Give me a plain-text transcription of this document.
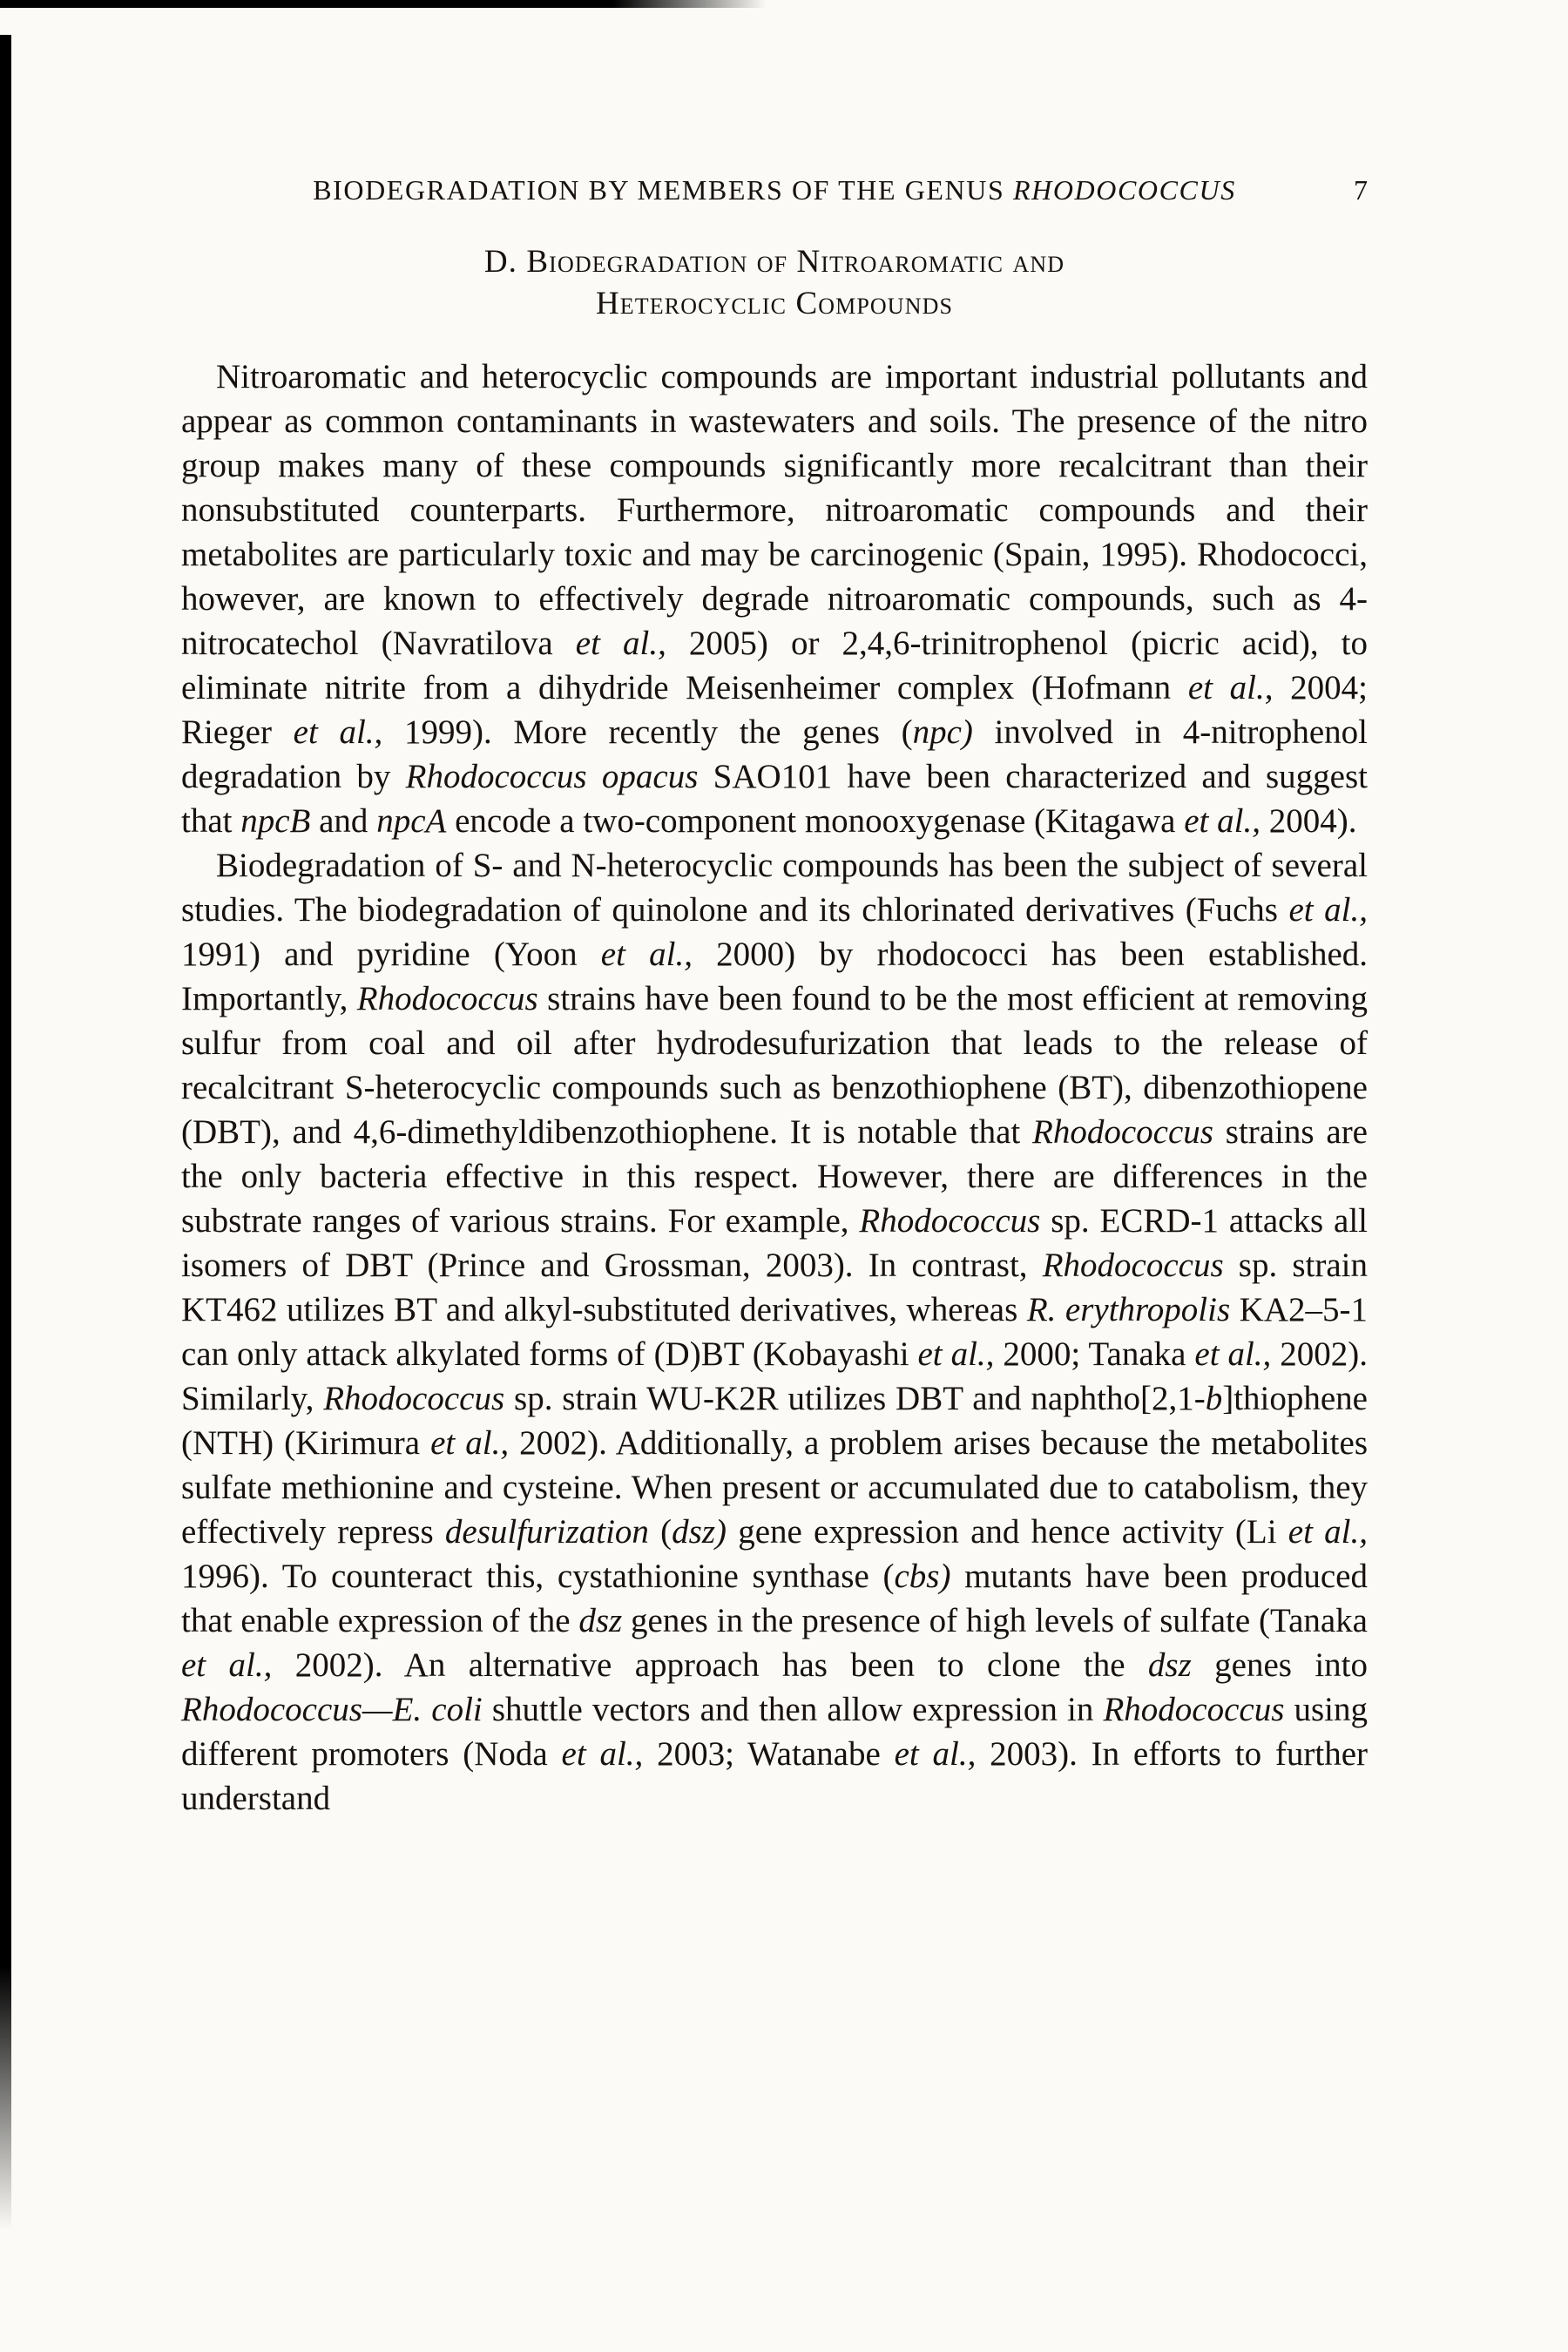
BIODEGRADATION BY MEMBERS OF THE GENUS RHODOCOCCUS	7
D. Biodegradation of Nitroaromatic and
Heterocyclic Compounds

Nitroaromatic and heterocyclic compounds are important industrial pollutants and appear as common contaminants in wastewaters and soils. The presence of the nitro group makes many of these compounds significantly more recalcitrant than their nonsubstituted counterparts. Furthermore, nitroaromatic compounds and their metabolites are particularly toxic and may be carcinogenic (Spain, 1995). Rhodococci, however, are known to effectively degrade nitroaromatic compounds, such as 4-nitrocatechol (Navratilova et al., 2005) or 2,4,6-trinitrophenol (picric acid), to eliminate nitrite from a dihydride Meisenheimer complex (Hofmann et al., 2004; Rieger et al., 1999). More recently the genes (npc) involved in 4-nitrophenol degradation by Rhodococcus opacus SAO101 have been characterized and suggest that npcB and npcA encode a two-component monooxygenase (Kitagawa et al., 2004).

Biodegradation of S- and N-heterocyclic compounds has been the subject of several studies. The biodegradation of quinolone and its chlorinated derivatives (Fuchs et al., 1991) and pyridine (Yoon et al., 2000) by rhodococci has been established. Importantly, Rhodococcus strains have been found to be the most efficient at removing sulfur from coal and oil after hydrodesufurization that leads to the release of recalcitrant S-heterocyclic compounds such as benzothiophene (BT), dibenzothiopene (DBT), and 4,6-dimethyldibenzothiophene. It is notable that Rhodococcus strains are the only bacteria effective in this respect. However, there are differences in the substrate ranges of various strains. For example, Rhodococcus sp. ECRD-1 attacks all isomers of DBT (Prince and Grossman, 2003). In contrast, Rhodococcus sp. strain KT462 utilizes BT and alkyl-substituted derivatives, whereas R. erythropolis KA2–5-1 can only attack alkylated forms of (D)BT (Kobayashi et al., 2000; Tanaka et al., 2002). Similarly, Rhodococcus sp. strain WU-K2R utilizes DBT and naphtho[2,1-b]thiophene (NTH) (Kirimura et al., 2002). Additionally, a problem arises because the metabolites sulfate methionine and cysteine. When present or accumulated due to catabolism, they effectively repress desulfurization (dsz) gene expression and hence activity (Li et al., 1996). To counteract this, cystathionine synthase (cbs) mutants have been produced that enable expression of the dsz genes in the presence of high levels of sulfate (Tanaka et al., 2002). An alternative approach has been to clone the dsz genes into Rhodococcus—E. coli shuttle vectors and then allow expression in Rhodococcus using different promoters (Noda et al., 2003; Watanabe et al., 2003). In efforts to further understand
